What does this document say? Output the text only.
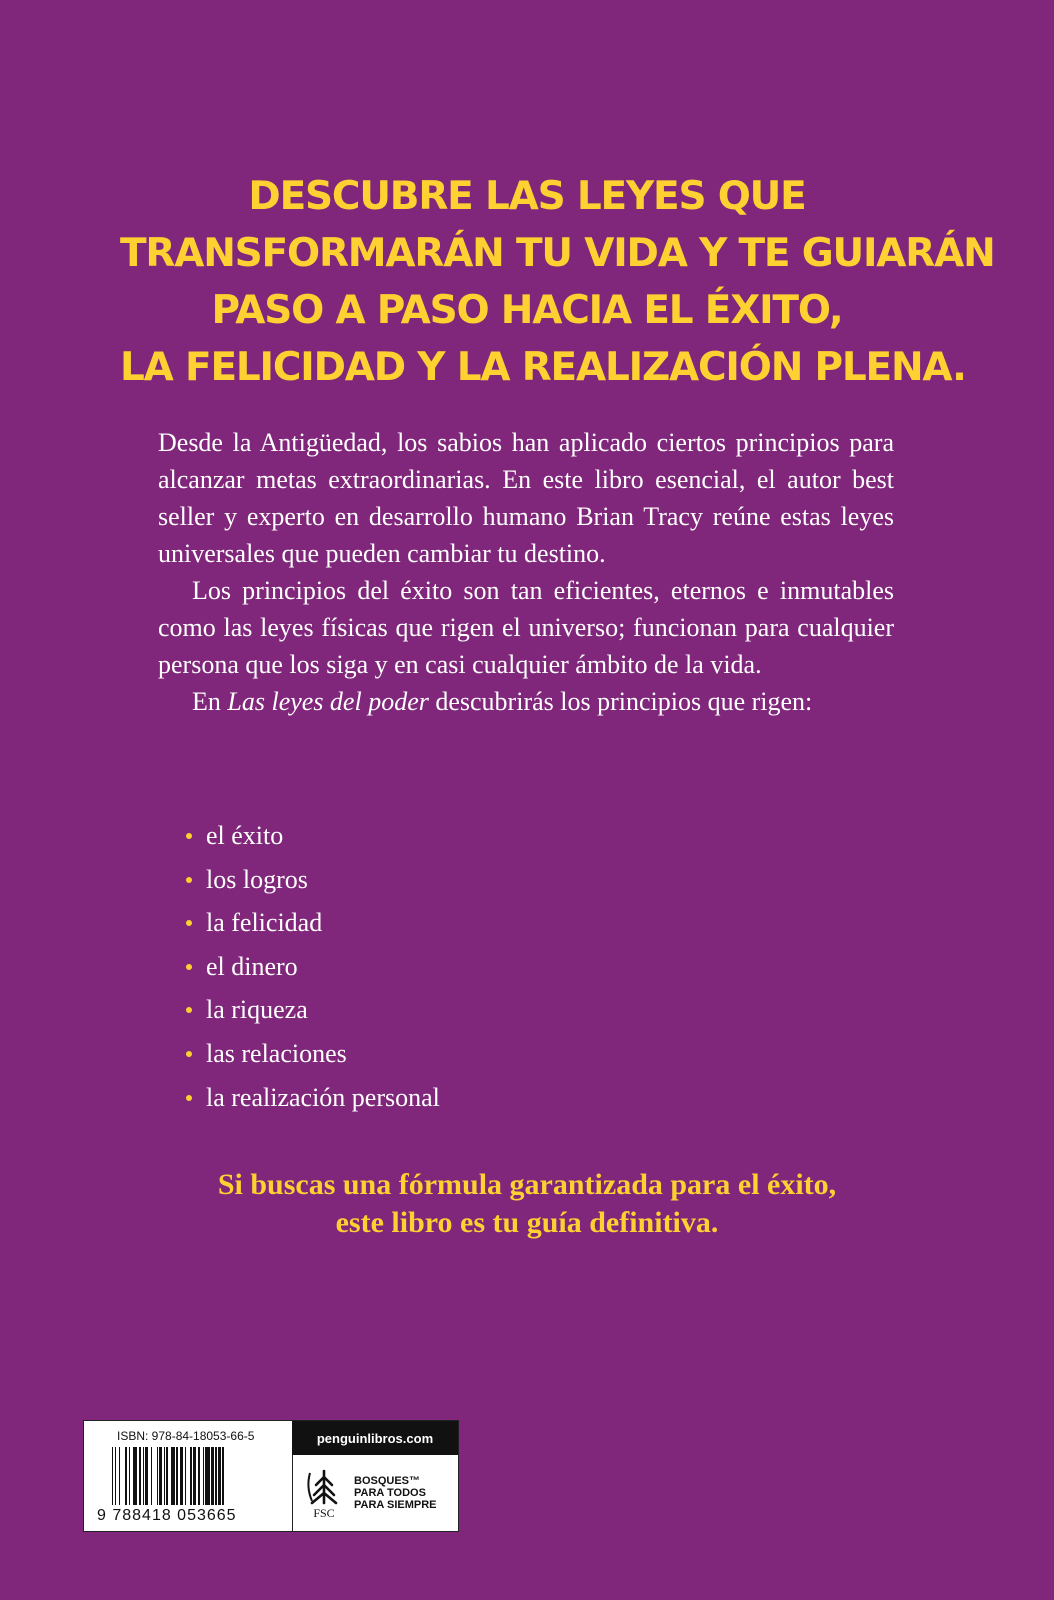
DESCUBRE LAS LEYES QUE
TRANSFORMARÁN TU VIDA Y TE GUIARÁN
PASO A PASO HACIA EL ÉXITO,
LA FELICIDAD Y LA REALIZACIÓN PLENA.

Desde la Antigüedad, los sabios han aplicado ciertos principios para alcanzar metas extraordinarias. En este libro esencial, el autor best seller y experto en desarrollo humano Brian Tracy reúne estas leyes universales que pueden cambiar tu destino.

Los principios del éxito son tan eficientes, eternos e inmutables como las leyes físicas que rigen el universo; funcionan para cualquier persona que los siga y en casi cualquier ámbito de la vida.

En Las leyes del poder descubrirás los principios que rigen:

el éxito
los logros
la felicidad
el dinero
la riqueza
las relaciones
la realización personal
Si buscas una fórmula garantizada para el éxito,
este libro es tu guía definitiva.
ISBN: 978-84-18053-66-5
9 788418 053665
penguinlibros.com
FSC
BOSQUES™
PARA TODOS
PARA SIEMPRE
